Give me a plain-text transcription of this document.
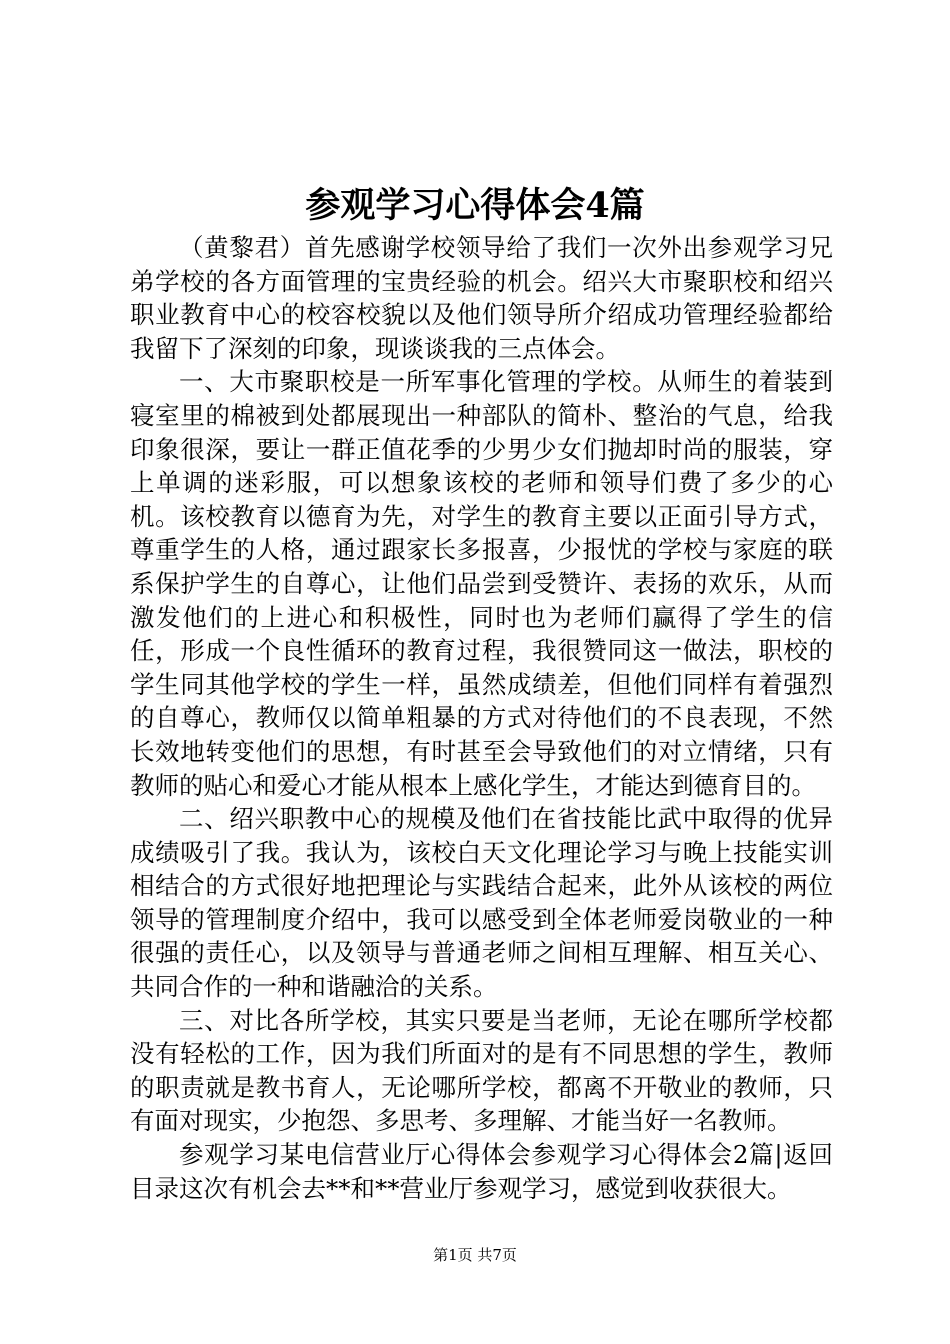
参观学习心得体会4篇

（黄黎君）首先感谢学校领导给了我们一次外出参观学习兄弟学校的各方面管理的宝贵经验的机会。绍兴大市聚职校和绍兴职业教育中心的校容校貌以及他们领导所介绍成功管理经验都给我留下了深刻的印象，现谈谈我的三点体会。

一、大市聚职校是一所军事化管理的学校。从师生的着装到寝室里的棉被到处都展现出一种部队的简朴、整治的气息，给我印象很深，要让一群正值花季的少男少女们抛却时尚的服装，穿上单调的迷彩服，可以想象该校的老师和领导们费了多少的心机。该校教育以德育为先，对学生的教育主要以正面引导方式，尊重学生的人格，通过跟家长多报喜，少报忧的学校与家庭的联系保护学生的自尊心，让他们品尝到受赞许、表扬的欢乐，从而激发他们的上进心和积极性，同时也为老师们赢得了学生的信任，形成一个良性循环的教育过程，我很赞同这一做法，职校的学生同其他学校的学生一样，虽然成绩差，但他们同样有着强烈的自尊心，教师仅以简单粗暴的方式对待他们的不良表现，不然长效地转变他们的思想，有时甚至会导致他们的对立情绪，只有教师的贴心和爱心才能从根本上感化学生，才能达到德育目的。

二、绍兴职教中心的规模及他们在省技能比武中取得的优异成绩吸引了我。我认为，该校白天文化理论学习与晚上技能实训相结合的方式很好地把理论与实践结合起来，此外从该校的两位领导的管理制度介绍中，我可以感受到全体老师爱岗敬业的一种很强的责任心，以及领导与普通老师之间相互理解、相互关心、共同合作的一种和谐融洽的关系。

三、对比各所学校，其实只要是当老师，无论在哪所学校都没有轻松的工作，因为我们所面对的是有不同思想的学生，教师的职责就是教书育人，无论哪所学校，都离不开敬业的教师，只有面对现实，少抱怨、多思考、多理解、才能当好一名教师。

参观学习某电信营业厅心得体会参观学习心得体会2篇|返回目录这次有机会去**和**营业厅参观学习，感觉到收获很大。

第1页 共7页
